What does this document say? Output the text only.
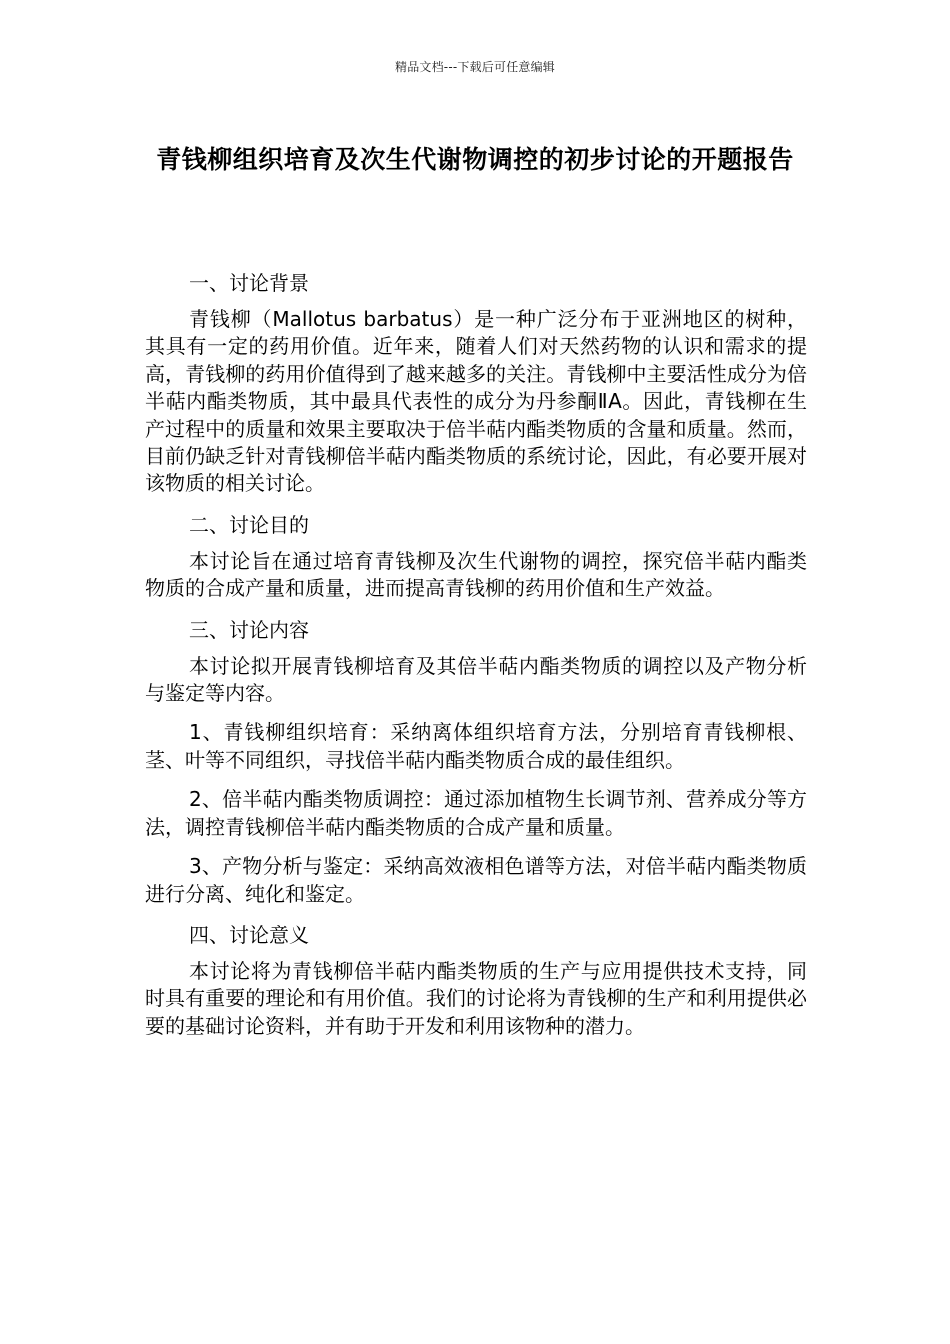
精品文档---下载后可任意编辑
青钱柳组织培育及次生代谢物调控的初步讨论的开题报告
一、讨论背景

青钱柳（Mallotus barbatus）是一种广泛分布于亚洲地区的树种，其具有一定的药用价值。近年来，随着人们对天然药物的认识和需求的提高，青钱柳的药用价值得到了越来越多的关注。青钱柳中主要活性成分为倍半萜内酯类物质，其中最具代表性的成分为丹参酮ⅡA。因此，青钱柳在生产过程中的质量和效果主要取决于倍半萜内酯类物质的含量和质量。然而，目前仍缺乏针对青钱柳倍半萜内酯类物质的系统讨论，因此，有必要开展对该物质的相关讨论。

二、讨论目的

本讨论旨在通过培育青钱柳及次生代谢物的调控，探究倍半萜内酯类物质的合成产量和质量，进而提高青钱柳的药用价值和生产效益。

三、讨论内容

本讨论拟开展青钱柳培育及其倍半萜内酯类物质的调控以及产物分析与鉴定等内容。

1、青钱柳组织培育：采纳离体组织培育方法，分别培育青钱柳根、茎、叶等不同组织，寻找倍半萜内酯类物质合成的最佳组织。

2、倍半萜内酯类物质调控：通过添加植物生长调节剂、营养成分等方法，调控青钱柳倍半萜内酯类物质的合成产量和质量。

3、产物分析与鉴定：采纳高效液相色谱等方法，对倍半萜内酯类物质进行分离、纯化和鉴定。

四、讨论意义

本讨论将为青钱柳倍半萜内酯类物质的生产与应用提供技术支持，同时具有重要的理论和有用价值。我们的讨论将为青钱柳的生产和利用提供必要的基础讨论资料，并有助于开发和利用该物种的潜力。
